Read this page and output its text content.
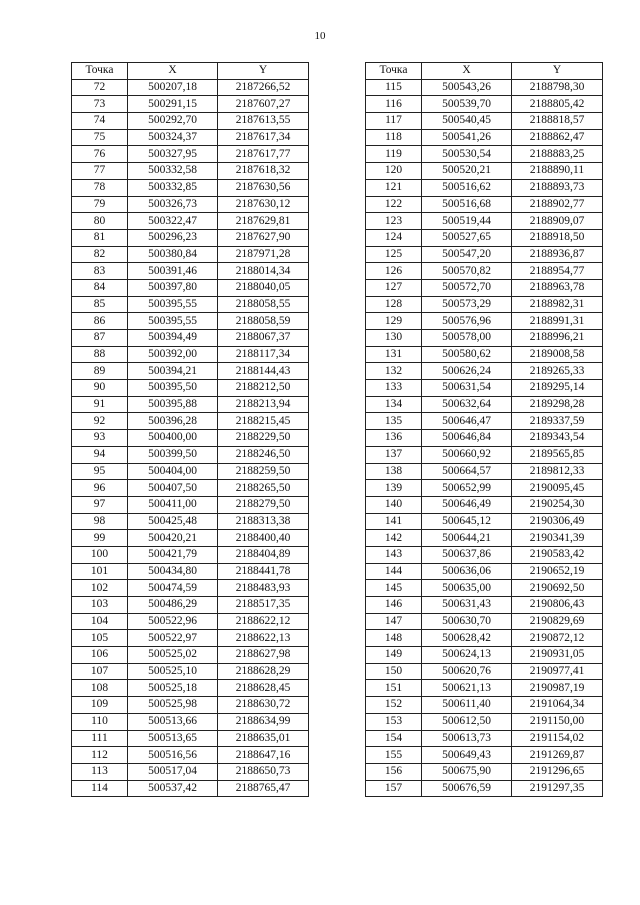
10
Точка	X	Y
72	500207,18	2187266,52
73	500291,15	2187607,27
74	500292,70	2187613,55
75	500324,37	2187617,34
76	500327,95	2187617,77
77	500332,58	2187618,32
78	500332,85	2187630,56
79	500326,73	2187630,12
80	500322,47	2187629,81
81	500296,23	2187627,90
82	500380,84	2187971,28
83	500391,46	2188014,34
84	500397,80	2188040,05
85	500395,55	2188058,55
86	500395,55	2188058,59
87	500394,49	2188067,37
88	500392,00	2188117,34
89	500394,21	2188144,43
90	500395,50	2188212,50
91	500395,88	2188213,94
92	500396,28	2188215,45
93	500400,00	2188229,50
94	500399,50	2188246,50
95	500404,00	2188259,50
96	500407,50	2188265,50
97	500411,00	2188279,50
98	500425,48	2188313,38
99	500420,21	2188400,40
100	500421,79	2188404,89
101	500434,80	2188441,78
102	500474,59	2188483,93
103	500486,29	2188517,35
104	500522,96	2188622,12
105	500522,97	2188622,13
106	500525,02	2188627,98
107	500525,10	2188628,29
108	500525,18	2188628,45
109	500525,98	2188630,72
110	500513,66	2188634,99
111	500513,65	2188635,01
112	500516,56	2188647,16
113	500517,04	2188650,73
114	500537,42	2188765,47
Точка	X	Y
115	500543,26	2188798,30
116	500539,70	2188805,42
117	500540,45	2188818,57
118	500541,26	2188862,47
119	500530,54	2188883,25
120	500520,21	2188890,11
121	500516,62	2188893,73
122	500516,68	2188902,77
123	500519,44	2188909,07
124	500527,65	2188918,50
125	500547,20	2188936,87
126	500570,82	2188954,77
127	500572,70	2188963,78
128	500573,29	2188982,31
129	500576,96	2188991,31
130	500578,00	2188996,21
131	500580,62	2189008,58
132	500626,24	2189265,33
133	500631,54	2189295,14
134	500632,64	2189298,28
135	500646,47	2189337,59
136	500646,84	2189343,54
137	500660,92	2189565,85
138	500664,57	2189812,33
139	500652,99	2190095,45
140	500646,49	2190254,30
141	500645,12	2190306,49
142	500644,21	2190341,39
143	500637,86	2190583,42
144	500636,06	2190652,19
145	500635,00	2190692,50
146	500631,43	2190806,43
147	500630,70	2190829,69
148	500628,42	2190872,12
149	500624,13	2190931,05
150	500620,76	2190977,41
151	500621,13	2190987,19
152	500611,40	2191064,34
153	500612,50	2191150,00
154	500613,73	2191154,02
155	500649,43	2191269,87
156	500675,90	2191296,65
157	500676,59	2191297,35
